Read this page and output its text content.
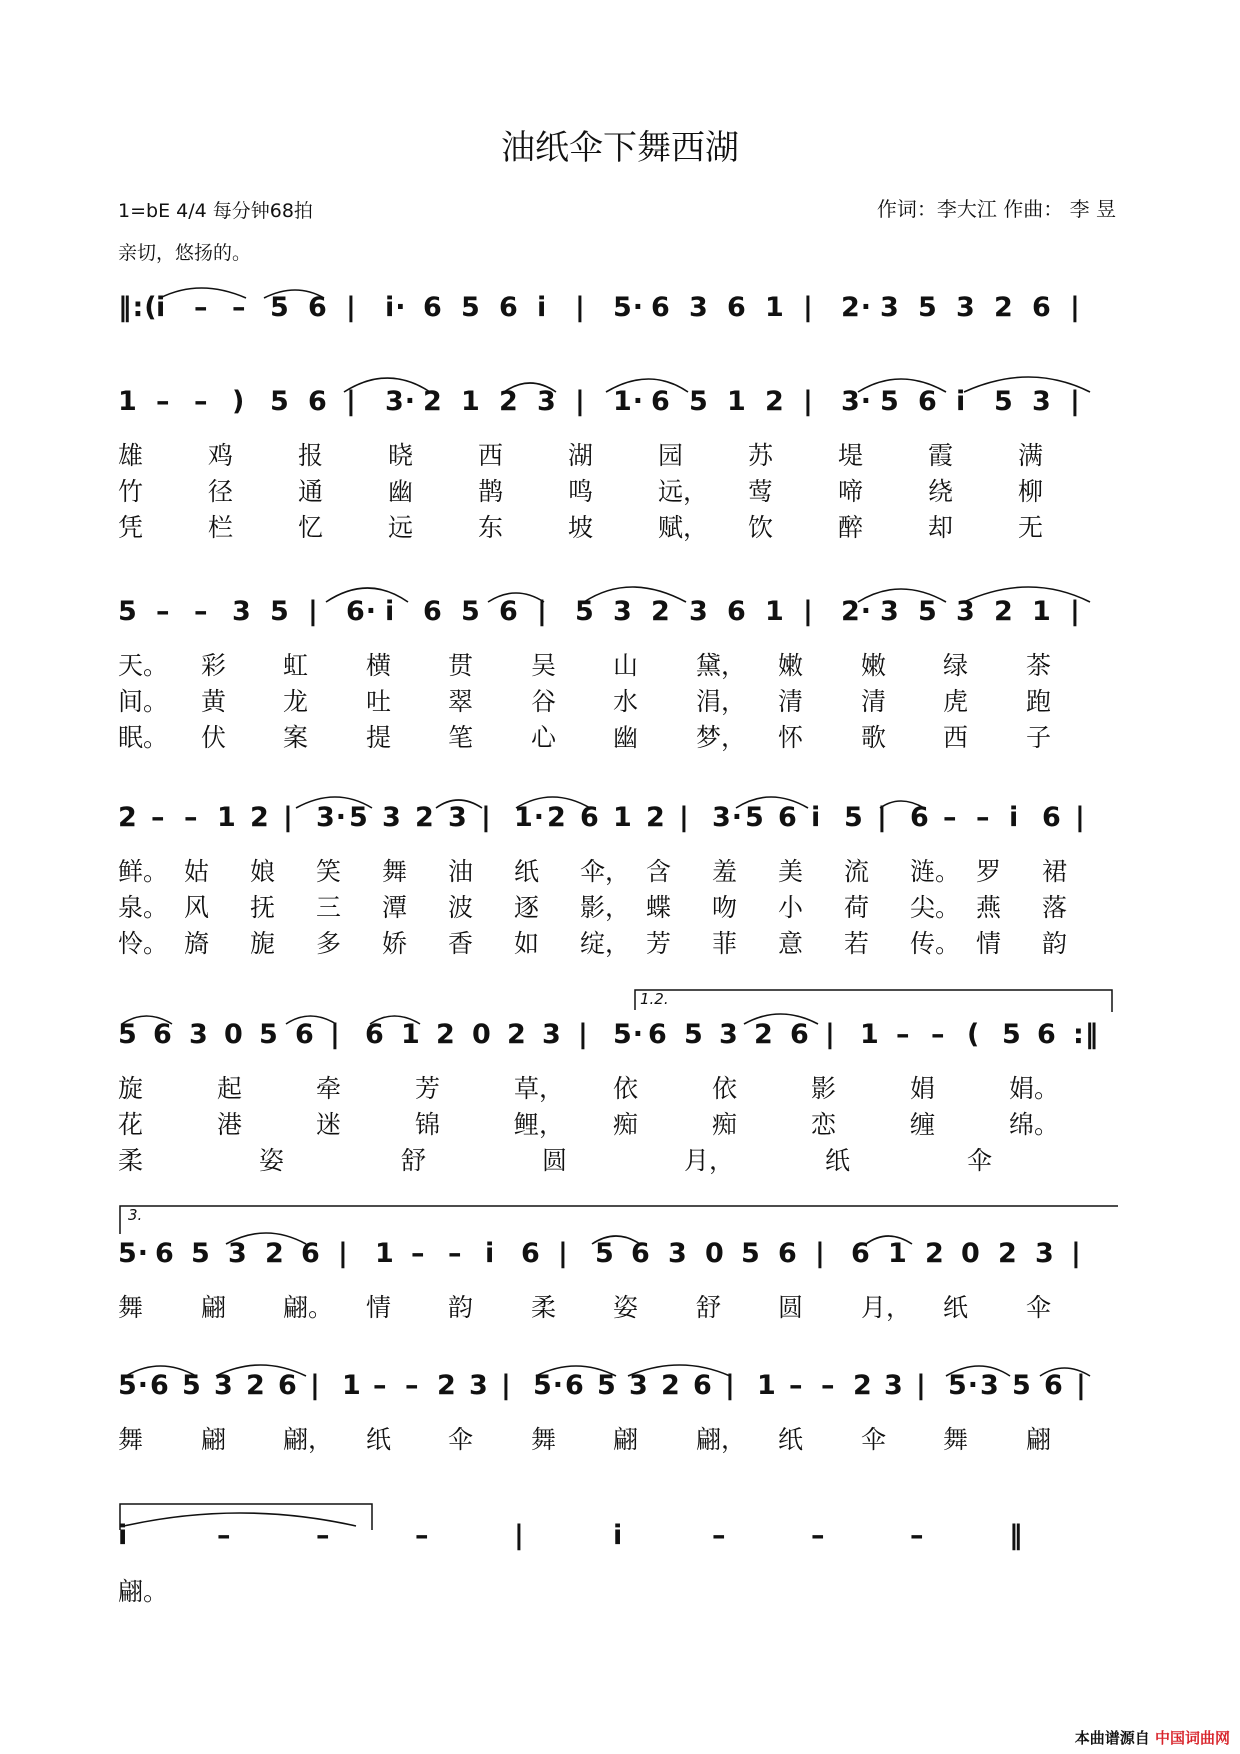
油纸伞下舞西湖
1=bE 4/4 每分钟68拍	作词：李大江 作曲： 李 昱
亲切，悠扬的。
‖:(
i – – 5 6 | i· 6 5 6 i | 5· 6 3 6 1 | 2· 3 5 3 2 6 |
1 – – ) 5 6 | 3· 2 1 2 3 | 1· 6 5 1 2 | 3· 5 6 i 5 3 |
雄	鸡	报	晓	西	湖	园	苏	堤	霞	满
竹	径	通	幽	鹊	鸣	远， 莺	啼	绕	柳
凭	栏	忆	远	东	坡	赋， 饮	醉	却	无
5 – – 3 5 | 6· i 6 5 6 | 5 3 2 3 6 1 | 2· 3 5 3 2 1 |
天。 彩 虹 横 贯 吴 山 黛， 嫩 嫩 绿 茶
间。 黄 龙 吐 翠 谷 水 涓， 清 清 虎 跑
眠。 伏 案 提 笔 心 幽 梦， 怀 歌 西 子
2 – – 1 2 | 3· 5 3 2 3 | 1· 2 6 1 2 | 3· 5 6 i 5 | 6 – – i 6 |
鲜。 姑 娘 笑 舞 油 纸 伞， 含 羞 美 流 涟。 罗 裙
泉。 风 抚 三 潭 波 逐 影， 蝶 吻 小 荷 尖。 燕 落
怜。 旖 旎 多 娇 香 如 绽， 芳 菲 意 若 传。 情 韵
5 6 3 0 5 6 | 6 1 2 0 2 3 | 5· 6 5 3 2 6 | 1 – – ( 5 6 :‖
旋	起	牵	芳	草， 依	依	影	娟	娟。
花	港	迷	锦	鲤， 痴	痴	恋	缠	绵。
柔	姿	舒	圆	月，	纸	伞
5· 6 5 3 2 6 | 1 – – i 6 | 5 6 3 0 5 6 | 6 1 2 0 2 3 |
舞 翩 翩。 情 韵 柔 姿 舒 圆 月， 纸 伞
5· 6 5 3 2 6 | 1 – – 2 3 | 5· 6 5 3 2 6 | 1 – – 2 3 | 5· 3 5 6 |
舞 翩 翩， 纸 伞 舞 翩 翩， 纸 伞 舞 翩
i	–	–	–	|	i	–	–	–	‖
翩。
1.2.
3.
本曲谱源自 中国词曲网
